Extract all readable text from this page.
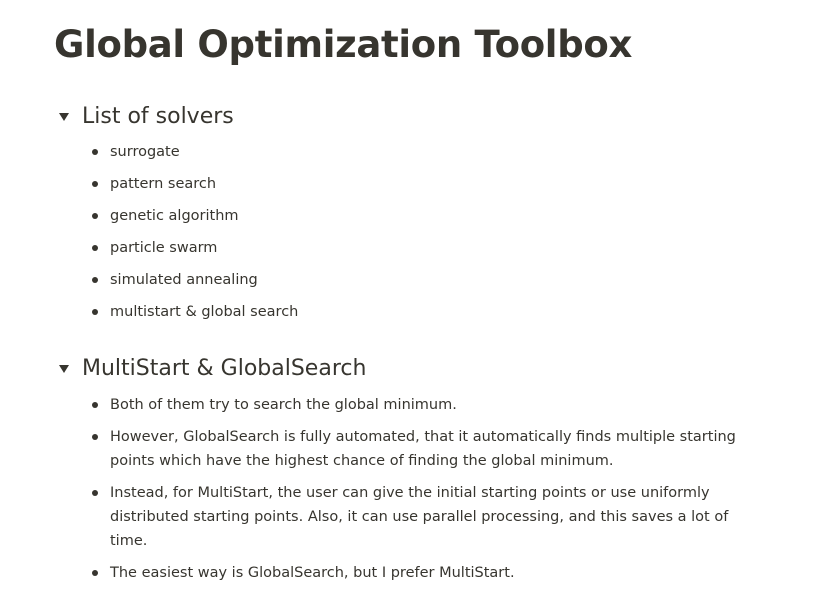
Global Optimization Toolbox
List of solvers
surrogate
pattern search
genetic algorithm
particle swarm
simulated annealing
multistart & global search
MultiStart & GlobalSearch
Both of them try to search the global minimum.
However, GlobalSearch is fully automated, that it automatically finds multiple starting points which have the highest chance of finding the global minimum.
Instead, for MultiStart, the user can give the initial starting points or use uniformly distributed starting points. Also, it can use parallel processing, and this saves a lot of time.
The easiest way is GlobalSearch, but I prefer MultiStart.
